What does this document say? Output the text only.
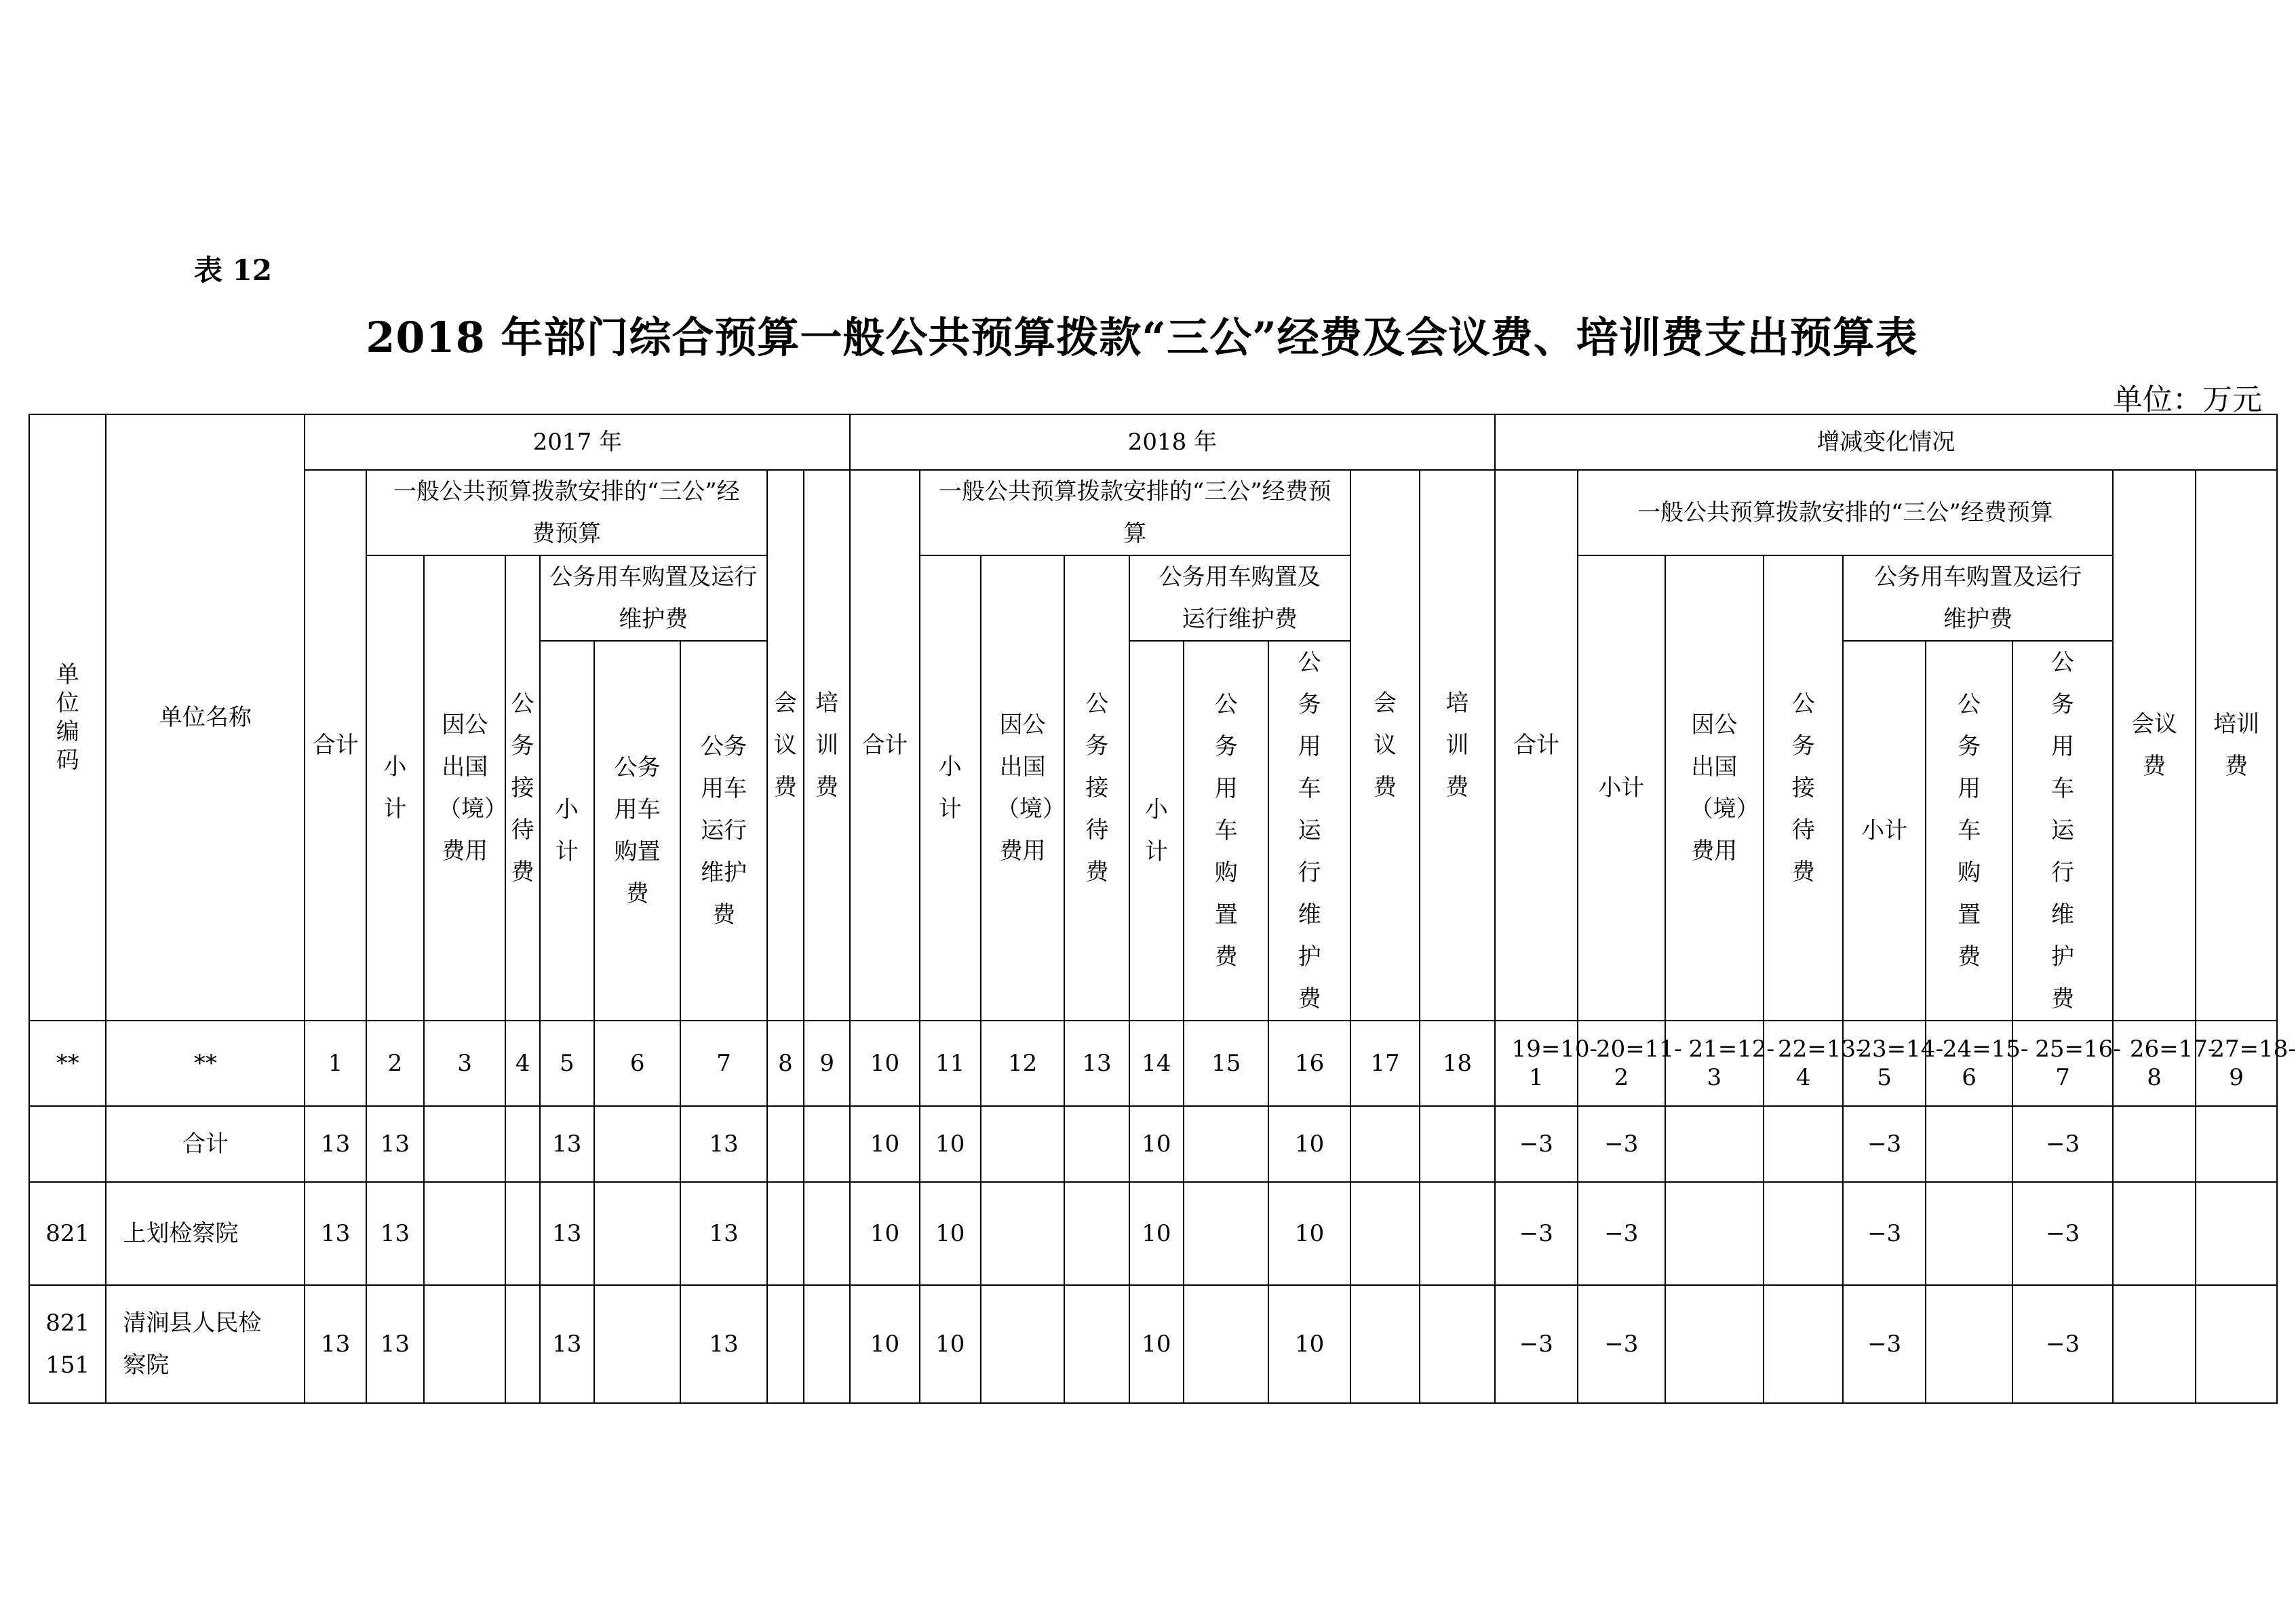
表 12
2018 年部门综合预算一般公共预算拨款“三公”经费及会议费、培训费支出预算表
单位：万元
单位编码	单位名称	2017 年									2018 年									增减变化情况								
		合计	一般公共预算拨款安排的“三公”经费预算						会议费	培训费	合计	一般公共预算拨款安排的“三公”经费预算						会议费	培训费	合计	一般公共预算拨款安排的“三公”经费预算						会议费	培训费
			小计	因公出国（境）费用	公务接待费	公务用车购置及运行维护费						小计	因公出国（境）费用	公务接待费	公务用车购置及运行维护费						小计	因公出国（境）费用	公务接待费	公务用车购置及运行维护费				
						小计	公务用车购置费	公务用车运行维护费							小计	公务用车购置费	公务用车运行维护费							小计	公务用车购置费	公务用车运行维护费		
**	**	1	2	3	4	5	6	7	8	9	10	11	12	13	14	15	16	17	18	19=10-1	20=11-2	21=12-3	22=13-4	23=14-5	24=15-6	25=16-7	26=17-8	27=18-9
	合计	13	13			13		13			10	10			10		10			−3	−3			−3		−3		
821	上划检察院	13	13			13		13			10	10			10		10			−3	−3			−3		−3		
821151	清涧县人民检察院	13	13			13		13			10	10			10		10			−3	−3			−3		−3		
